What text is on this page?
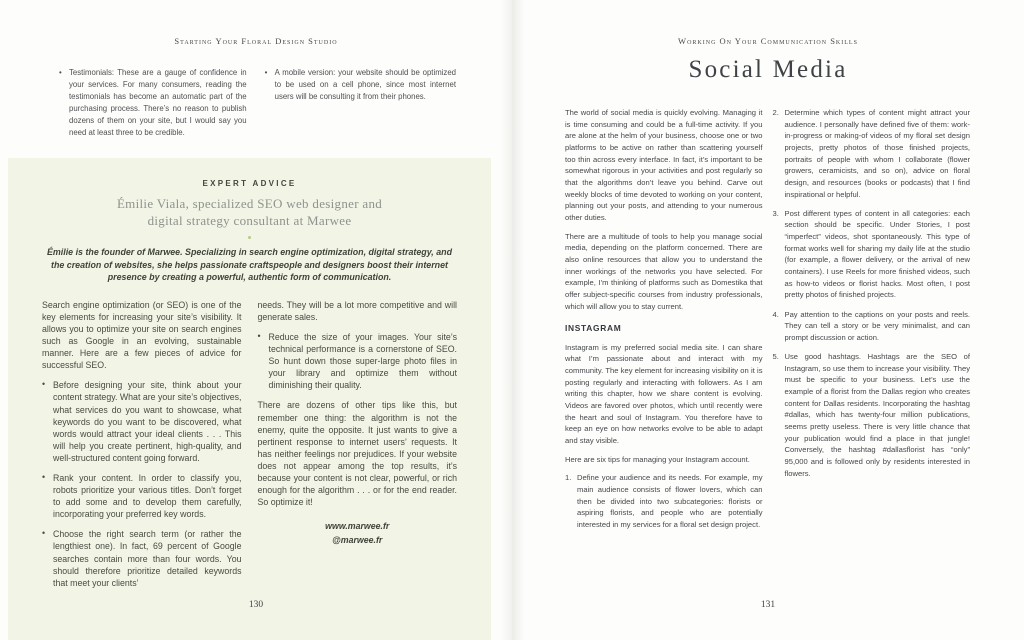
Starting Your Floral Design Studio
• Testimonials: These are a gauge of confidence in your services. For many consumers, reading the testimonials has become an automatic part of the purchasing process. There’s no reason to publish dozens of them on your site, but I would say you need at least three to be credible.
• A mobile version: your website should be optimized to be used on a cell phone, since most internet users will be consulting it from their phones.
EXPERT ADVICE
Émilie Viala, specialized SEO web designer and
digital strategy consultant at Marwee
Émilie is the founder of Marwee. Specializing in search engine optimization, digital strategy, and the creation of websites, she helps passionate craftspeople and designers boost their internet presence by creating a powerful, authentic form of communication.
Search engine optimization (or SEO) is one of the key elements for increasing your site’s visibility. It allows you to optimize your site on search engines such as Google in an evolving, sustainable manner. Here are a few pieces of advice for successful SEO.
• Before designing your site, think about your content strategy. What are your site’s objectives, what services do you want to showcase, what keywords do you want to be discovered, what words would attract your ideal clients . . . This will help you create pertinent, high-quality, and well-structured content going forward.
• Rank your content. In order to classify you, robots prioritize your various titles. Don’t forget to add some and to develop them carefully, incorporating your preferred key words.
• Choose the right search term (or rather the lengthiest one). In fact, 69 percent of Google searches contain more than four words. You should therefore prioritize detailed keywords that meet your clients’
needs. They will be a lot more competitive and will generate sales.
• Reduce the size of your images. Your site’s technical performance is a cornerstone of SEO. So hunt down those super-large photo files in your library and optimize them without diminishing their quality.
There are dozens of other tips like this, but remember one thing: the algorithm is not the enemy, quite the opposite. It just wants to give a pertinent response to internet users’ requests. It has neither feelings nor prejudices. If your website does not appear among the top results, it’s because your content is not clear, powerful, or rich enough for the algorithm . . . or for the end reader. So optimize it!
www.marwee.fr
@marwee.fr
130
Working On Your Communication Skills
Social Media
The world of social media is quickly evolving. Managing it is time consuming and could be a full-time activity. If you are alone at the helm of your business, choose one or two platforms to be active on rather than scattering yourself too thin across every interface. In fact, it’s important to be somewhat rigorous in your activities and post regularly so that the algorithms don’t leave you behind. Carve out weekly blocks of time devoted to working on your content, planning out your posts, and attending to your numerous other duties.
There are a multitude of tools to help you manage social media, depending on the platform concerned. There are also online resources that allow you to understand the inner workings of the networks you have selected. For example, I’m thinking of platforms such as Domestika that offer subject-specific courses from industry professionals, which will allow you to stay current.
INSTAGRAM
Instagram is my preferred social media site. I can share what I’m passionate about and interact with my community. The key element for increasing visibility on it is posting regularly and interacting with followers. As I am writing this chapter, how we share content is evolving. Videos are favored over photos, which until recently were the heart and soul of Instagram. You therefore have to keep an eye on how networks evolve to be able to adapt and stay visible.
Here are six tips for managing your Instagram account.
1. Define your audience and its needs. For example, my main audience consists of flower lovers, which can then be divided into two subcategories: florists or aspiring florists, and people who are potentially interested in my services for a floral set design project.
2. Determine which types of content might attract your audience. I personally have defined five of them: work-in-progress or making-of videos of my floral set design projects, pretty photos of those finished projects, portraits of people with whom I collaborate (flower growers, ceramicists, and so on), advice on floral design, and resources (books or podcasts) that I find inspirational or helpful.
3. Post different types of content in all categories: each section should be specific. Under Stories, I post “imperfect” videos, shot spontaneously. This type of format works well for sharing my daily life at the studio (for example, a flower delivery, or the arrival of new containers). I use Reels for more finished videos, such as how-to videos or florist hacks. Most often, I post pretty photos of finished projects.
4. Pay attention to the captions on your posts and reels. They can tell a story or be very minimalist, and can prompt discussion or action.
5. Use good hashtags. Hashtags are the SEO of Instagram, so use them to increase your visibility. They must be specific to your business. Let’s use the example of a florist from the Dallas region who creates content for Dallas residents. Incorporating the hashtag #dallas, which has twenty-four million publications, seems pretty useless. There is very little chance that your publication would find a place in that jungle! Conversely, the hashtag #dallasflorist has “only” 95,000 and is followed only by residents interested in flowers.
131
